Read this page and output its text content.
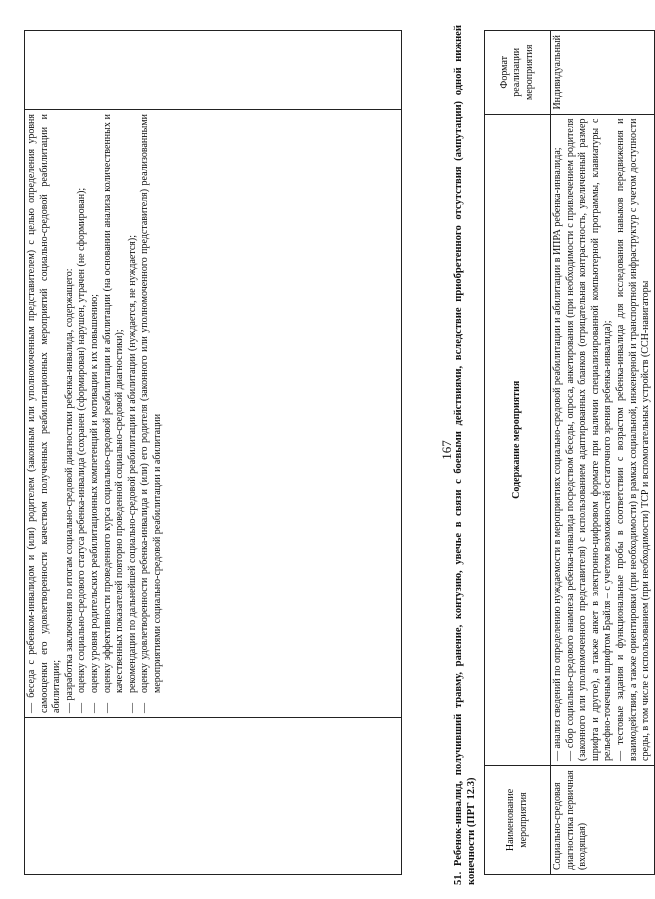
— беседа с ребенком-инвалидом и (или) родителем (законным или уполномоченным представителем) с целью определения уровня самооценки его удовлетворенности качеством полученных реабилитационных мероприятий социально-средовой реабилитации и абилитации; — разработка заключения по итогам социально-средовой диагностики ребенка-инвалида, содержащего: —
оценку социально-средового статуса ребенка-инвалида (сохранен (сформирован) нарушен, утрачен (не сформирован);
—
оценку уровня родительских реабилитационных компетенций и мотивации к их повышению;
—
оценку эффективности проведенного курса социально-средовой реабилитации и абилитации (на основании анализа количественных и качественных показателей повторно проведенной социально-средовой диагностики);
—
рекомендации по дальнейшей социально-средовой реабилитации и абилитации (нуждается, не нуждается);
—
оценку удовлетворенности ребенка-инвалида и (или) его родителя (законного или уполномоченного представителя) реализованными мероприятиями социально-средовой реабилитации и абилитации
		167 51. Ребенок-инвалид, получивший травму, ранение, контузию, увечье в связи с боевыми действиями, вследствие приобретенного отсутствия (ампутации) одной нижней конечности (ПРГ 12.3)	Наименование мероприятия	Содержание мероприятия	Формат реализации мероприятия
Социально-средовая диагностика первичная (входящая)	— анализ сведений по определению нуждаемости в мероприятиях социально-средовой реабилитации и абилитации в ИПРА ребенка-инвалида; — сбор социально-средового анамнеза ребенка-инвалида посредством беседы, опроса, анкетирования (при необходимости с привлечением родителя (законного или уполномоченного представителя) с использованием адаптированных бланков (отрицательная контрастность, увеличенный размер шрифта и другое), а также анкет в электронно-цифровом формате при наличии специализированной компьютерной программы, клавиатуры с рельефно-точечным шрифтом Брайля – с учетом возможностей остаточного зрения ребенка-инвалида); — тестовые задания и функциональные пробы в соответствии с возрастом ребенка-инвалида для исследования навыков передвижения и взаимодействия, а также ориентировки (при необходимости) в рамках социальной, инженерной и транспортной инфраструктур с учетом доступности среды, в том числе с использованием (при необходимости) ТСР и вспомогательных устройств (ССН-навигаторы	Индивидуальный
